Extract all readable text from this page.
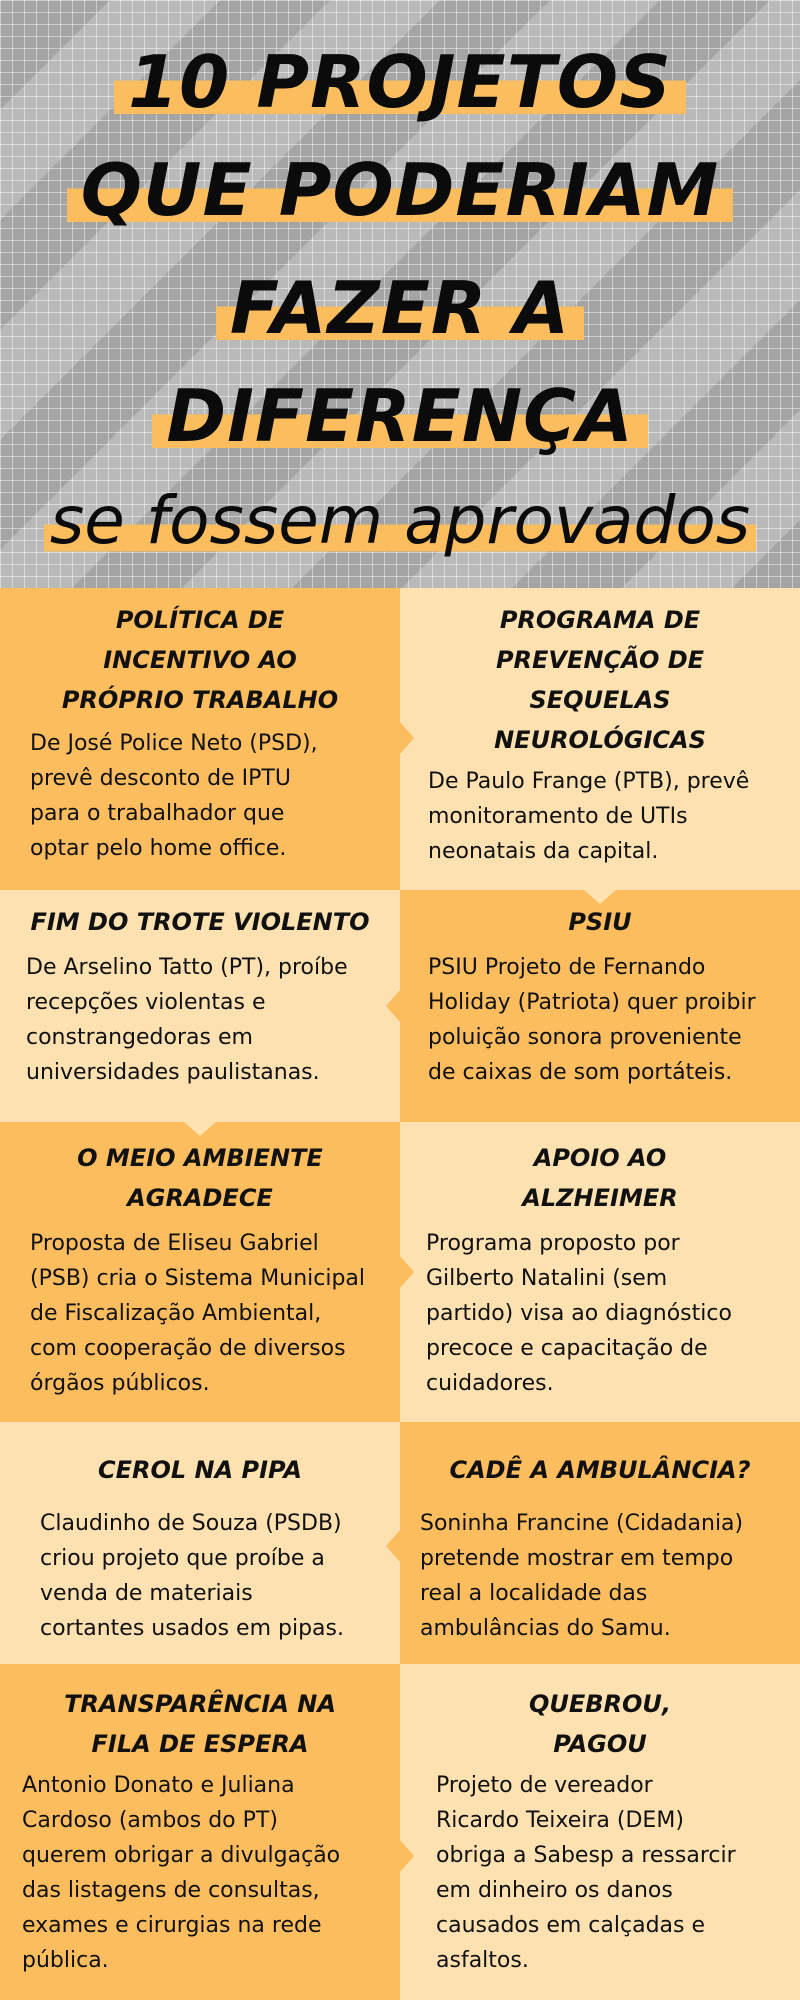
10 PROJETOS
QUE PODERIAM
FAZER A
DIFERENÇA
se fossem aprovados
POLÍTICA DE
INCENTIVO AO
PRÓPRIO TRABALHO
De José Police Neto (PSD),
prevê desconto de IPTU
para o trabalhador que
optar pelo home office.
PROGRAMA DE
PREVENÇÃO DE
SEQUELAS
NEUROLÓGICAS
De Paulo Frange (PTB), prevê
monitoramento de UTIs
neonatais da capital.
FIM DO TROTE VIOLENTO
De Arselino Tatto (PT), proíbe
recepções violentas e
constrangedoras em
universidades paulistanas.
PSIU
PSIU Projeto de Fernando
Holiday (Patriota) quer proibir
poluição sonora proveniente
de caixas de som portáteis.
O MEIO AMBIENTE
AGRADECE
Proposta de Eliseu Gabriel
(PSB) cria o Sistema Municipal
de Fiscalização Ambiental,
com cooperação de diversos
órgãos públicos.
APOIO AO
ALZHEIMER
Programa proposto por
Gilberto Natalini (sem
partido) visa ao diagnóstico
precoce e capacitação de
cuidadores.
CEROL NA PIPA
Claudinho de Souza (PSDB)
criou projeto que proíbe a
venda de materiais
cortantes usados em pipas.
CADÊ A AMBULÂNCIA?
Soninha Francine (Cidadania)
pretende mostrar em tempo
real a localidade das
ambulâncias do Samu.
TRANSPARÊNCIA NA
FILA DE ESPERA
Antonio Donato e Juliana
Cardoso (ambos do PT)
querem obrigar a divulgação
das listagens de consultas,
exames e cirurgias na rede
pública.
QUEBROU,
PAGOU
Projeto de vereador
Ricardo Teixeira (DEM)
obriga a Sabesp a ressarcir
em dinheiro os danos
causados em calçadas e
asfaltos.
